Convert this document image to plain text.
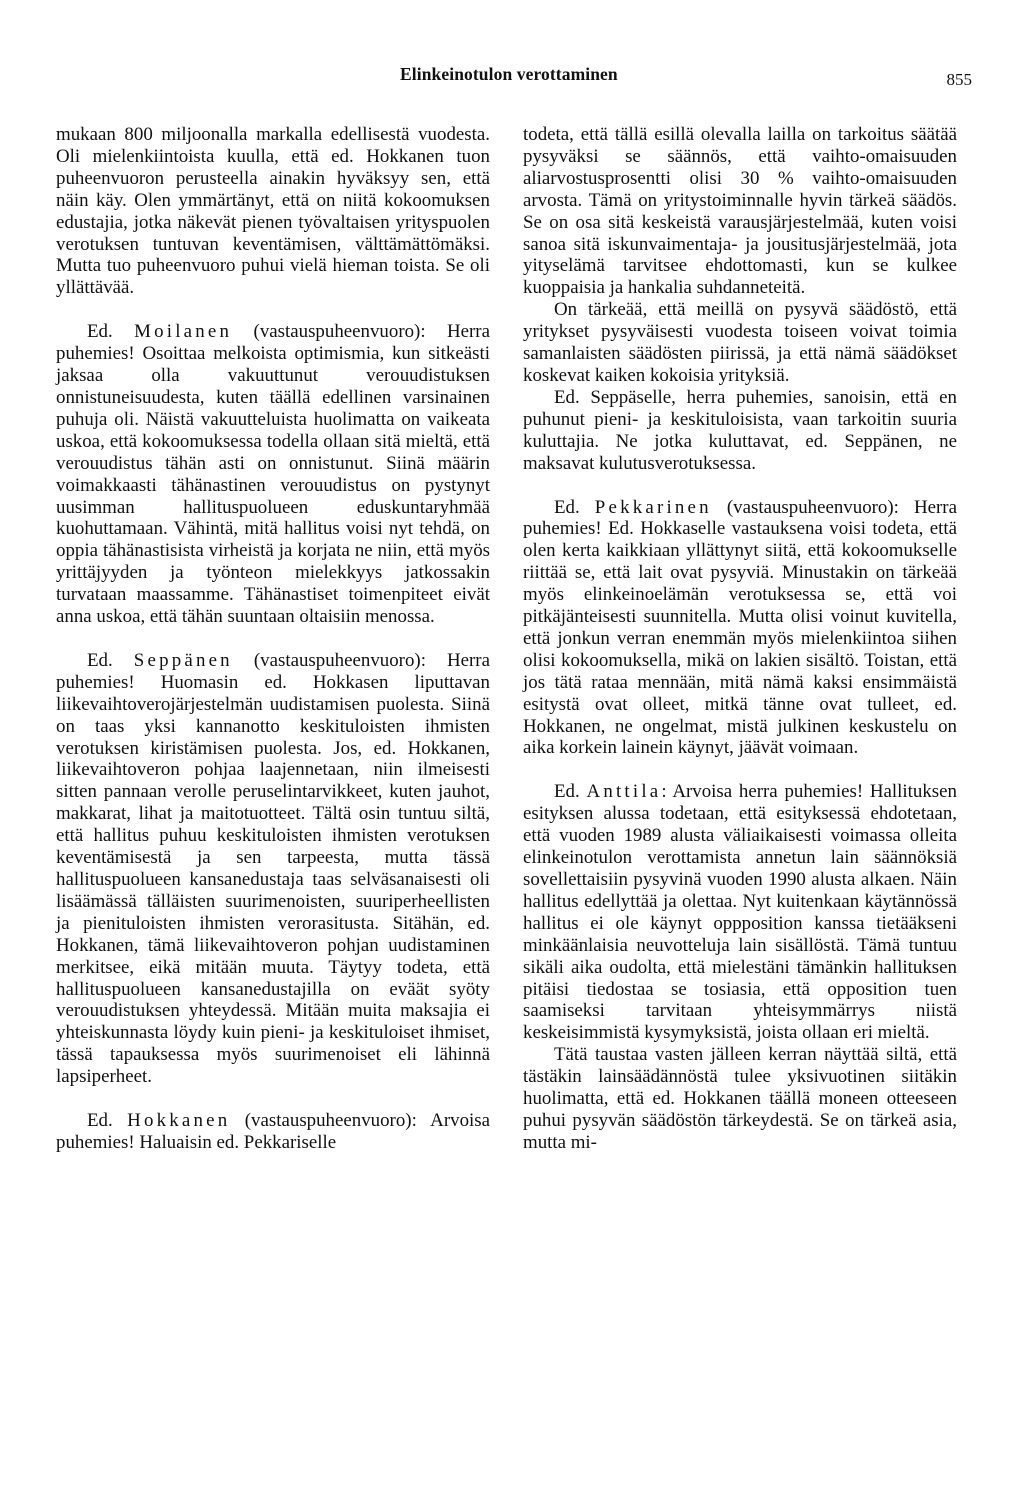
Elinkeinotulon verottaminen	855

mukaan 800 miljoonalla markalla edellisestä vuodesta. Oli mielenkiintoista kuulla, että ed. Hokkanen tuon puheenvuoron perusteella ainakin hyväksyy sen, että näin käy. Olen ymmärtänyt, että on niitä kokoomuksen edustajia, jotka näkevät pienen työvaltaisen yrityspuolen verotuksen tuntuvan keventämisen, välttämättömäksi. Mutta tuo puheenvuoro puhui vielä hieman toista. Se oli yllättävää.

Ed. Moilanen (vastauspuheenvuoro): Herra puhemies! Osoittaa melkoista optimismia, kun sitkeästi jaksaa olla vakuuttunut verouudistuksen onnistuneisuudesta, kuten täällä edellinen varsinainen puhuja oli. Näistä vakuutteluista huolimatta on vaikeata uskoa, että kokoomuksessa todella ollaan sitä mieltä, että verouudistus tähän asti on onnistunut. Siinä määrin voimakkaasti tähänastinen verouudistus on pystynyt uusimman hallituspuolueen eduskuntaryhmää kuohuttamaan. Vähintä, mitä hallitus voisi nyt tehdä, on oppia tähänastisista virheistä ja korjata ne niin, että myös yrittäjyyden ja työnteon mielekkyys jatkossakin turvataan maassamme. Tähänastiset toimenpiteet eivät anna uskoa, että tähän suuntaan oltaisiin menossa.

Ed. Seppänen (vastauspuheenvuoro): Herra puhemies! Huomasin ed. Hokkasen liputtavan liikevaihtoverojärjestelmän uudistamisen puolesta. Siinä on taas yksi kannanotto keskituloisten ihmisten verotuksen kiristämisen puolesta. Jos, ed. Hokkanen, liikevaihtoveron pohjaa laajennetaan, niin ilmeisesti sitten pannaan verolle peruselintarvikkeet, kuten jauhot, makkarat, lihat ja maitotuotteet. Tältä osin tuntuu siltä, että hallitus puhuu keskituloisten ihmisten verotuksen keventämisestä ja sen tarpeesta, mutta tässä hallituspuolueen kansanedustaja taas selväsanaisesti oli lisäämässä tälläisten suurimenoisten, suuriperheellisten ja pienituloisten ihmisten verorasitusta. Sitähän, ed. Hokkanen, tämä liikevaihtoveron pohjan uudistaminen merkitsee, eikä mitään muuta. Täytyy todeta, että hallituspuolueen kansanedustajilla on eväät syöty verouudistuksen yhteydessä. Mitään muita maksajia ei yhteiskunnasta löydy kuin pieni- ja keskituloiset ihmiset, tässä tapauksessa myös suurimenoiset eli lähinnä lapsiperheet.

Ed. Hokkanen (vastauspuheenvuoro): Arvoisa puhemies! Haluaisin ed. Pekkariselle

todeta, että tällä esillä olevalla lailla on tarkoitus säätää pysyväksi se säännös, että vaihto-omaisuuden aliarvostusprosentti olisi 30 % vaihto-omaisuuden arvosta. Tämä on yritystoiminnalle hyvin tärkeä säädös. Se on osa sitä keskeistä varausjärjestelmää, kuten voisi sanoa sitä iskunvaimentaja- ja jousitusjärjestelmää, jota yityselämä tarvitsee ehdottomasti, kun se kulkee kuoppaisia ja hankalia suhdanneteitä.

On tärkeää, että meillä on pysyvä säädöstö, että yritykset pysyväisesti vuodesta toiseen voivat toimia samanlaisten säädösten piirissä, ja että nämä säädökset koskevat kaiken kokoisia yrityksiä.

Ed. Seppäselle, herra puhemies, sanoisin, että en puhunut pieni- ja keskituloisista, vaan tarkoitin suuria kuluttajia. Ne jotka kuluttavat, ed. Seppänen, ne maksavat kulutusverotuksessa.

Ed. Pekkarinen (vastauspuheenvuoro): Herra puhemies! Ed. Hokkaselle vastauksena voisi todeta, että olen kerta kaikkiaan yllättynyt siitä, että kokoomukselle riittää se, että lait ovat pysyviä. Minustakin on tärkeää myös elinkeinoelämän verotuksessa se, että voi pitkäjänteisesti suunnitella. Mutta olisi voinut kuvitella, että jonkun verran enemmän myös mielenkiintoa siihen olisi kokoomuksella, mikä on lakien sisältö. Toistan, että jos tätä rataa mennään, mitä nämä kaksi ensimmäistä esitystä ovat olleet, mitkä tänne ovat tulleet, ed. Hokkanen, ne ongelmat, mistä julkinen keskustelu on aika korkein lainein käynyt, jäävät voimaan.

Ed. Anttila: Arvoisa herra puhemies! Hallituksen esityksen alussa todetaan, että esityksessä ehdotetaan, että vuoden 1989 alusta väliaikaisesti voimassa olleita elinkeinotulon verottamista annetun lain säännöksiä sovellettaisiin pysyvinä vuoden 1990 alusta alkaen. Näin hallitus edellyttää ja olettaa. Nyt kuitenkaan käytännössä hallitus ei ole käynyt oppposition kanssa tietääkseni minkäänlaisia neuvotteluja lain sisällöstä. Tämä tuntuu sikäli aika oudolta, että mielestäni tämänkin hallituksen pitäisi tiedostaa se tosiasia, että opposition tuen saamiseksi tarvitaan yhteisymmärrys niistä keskeisimmistä kysymyksistä, joista ollaan eri mieltä.

Tätä taustaa vasten jälleen kerran näyttää siltä, että tästäkin lainsäädännöstä tulee yksivuotinen siitäkin huolimatta, että ed. Hokkanen täällä moneen otteeseen puhui pysyvän säädöstön tärkeydestä. Se on tärkeä asia, mutta mi-
